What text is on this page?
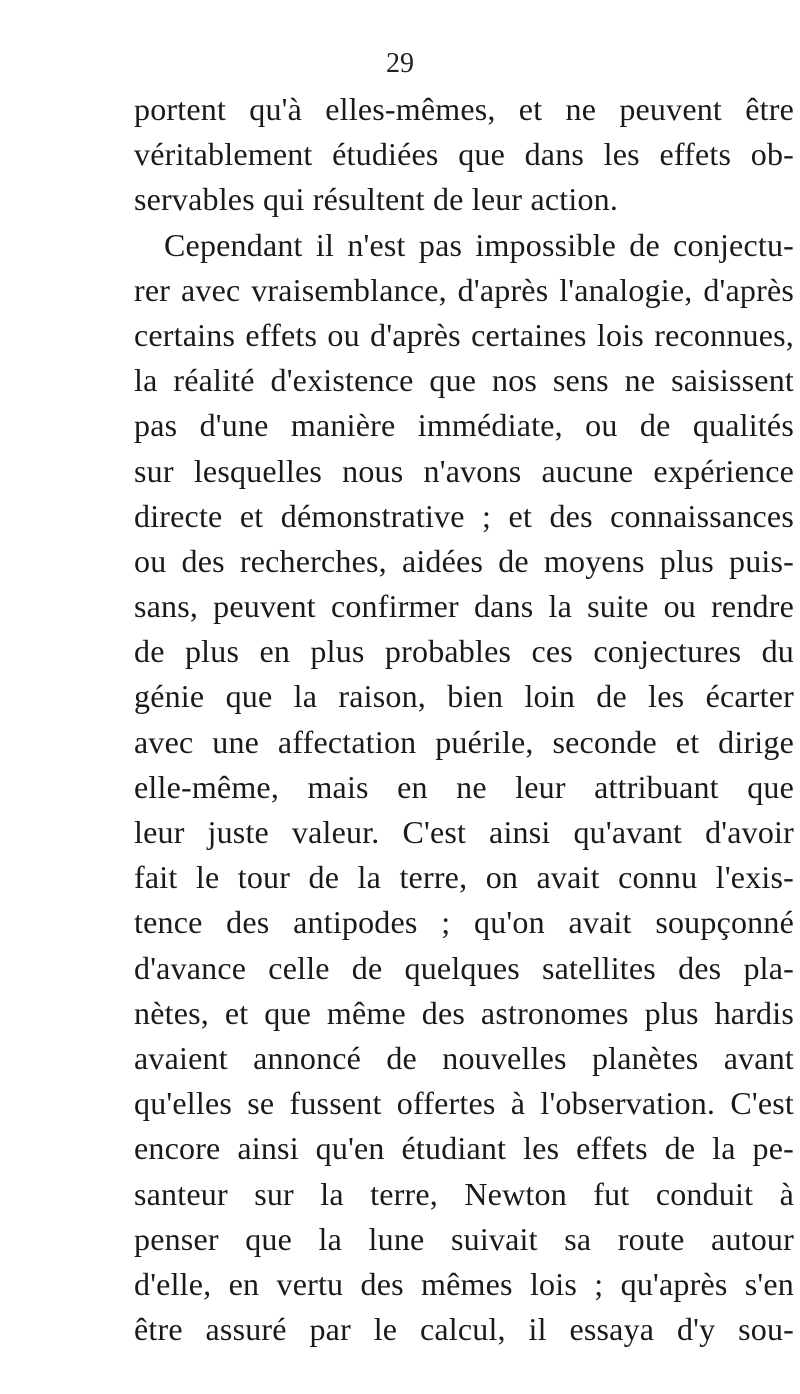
29
portent qu'à elles-mêmes, et ne peuvent être
véritablement étudiées que dans les effets ob-
servables qui résultent de leur action.
Cependant il n'est pas impossible de conjectu-
rer avec vraisemblance, d'après l'analogie, d'après
certains effets ou d'après certaines lois reconnues,
la réalité d'existence que nos sens ne saisissent
pas d'une manière immédiate, ou de qualités
sur lesquelles nous n'avons aucune expérience
directe et démonstrative ; et des connaissances
ou des recherches, aidées de moyens plus puis-
sans, peuvent confirmer dans la suite ou rendre
de plus en plus probables ces conjectures du
génie que la raison, bien loin de les écarter
avec une affectation puérile, seconde et dirige
elle-même, mais en ne leur attribuant que
leur juste valeur. C'est ainsi qu'avant d'avoir
fait le tour de la terre, on avait connu l'exis-
tence des antipodes ; qu'on avait soupçonné
d'avance celle de quelques satellites des pla-
nètes, et que même des astronomes plus hardis
avaient annoncé de nouvelles planètes avant
qu'elles se fussent offertes à l'observation. C'est
encore ainsi qu'en étudiant les effets de la pe-
santeur sur la terre, Newton fut conduit à
penser que la lune suivait sa route autour
d'elle, en vertu des mêmes lois ; qu'après s'en
être assuré par le calcul, il essaya d'y sou-
